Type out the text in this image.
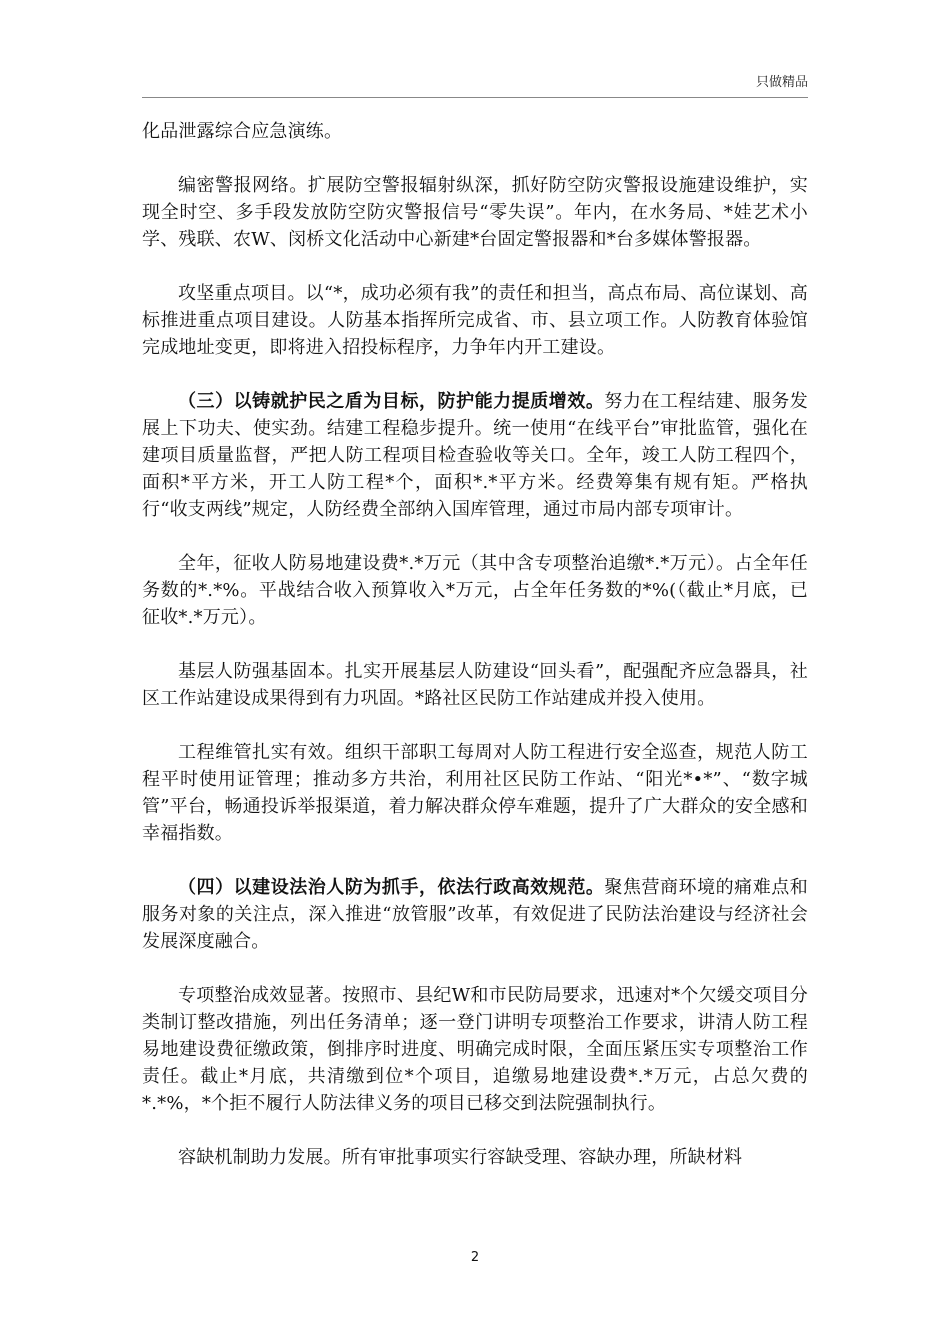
只做精品

化品泄露综合应急演练。

编密警报网络。扩展防空警报辐射纵深，抓好防空防灾警报设施建设维护，实现全时空、多手段发放防空防灾警报信号“零失误”。年内，在水务局、*娃艺术小学、残联、农W、闵桥文化活动中心新建*台固定警报器和*台多媒体警报器。

攻坚重点项目。以“*，成功必须有我”的责任和担当，高点布局、高位谋划、高标推进重点项目建设。人防基本指挥所完成省、市、县立项工作。人防教育体验馆完成地址变更，即将进入招投标程序，力争年内开工建设。

（三）以铸就护民之盾为目标，防护能力提质增效。努力在工程结建、服务发展上下功夫、使实劲。结建工程稳步提升。统一使用“在线平台”审批监管，强化在建项目质量监督，严把人防工程项目检查验收等关口。全年，竣工人防工程四个，面积*平方米，开工人防工程*个，面积*.*平方米。经费筹集有规有矩。严格执行“收支两线”规定，人防经费全部纳入国库管理，通过市局内部专项审计。

全年，征收人防易地建设费*.*万元（其中含专项整治追缴*.*万元）。占全年任务数的*.*%。平战结合收入预算收入*万元，占全年任务数的*%(（截止*月底，已征收*.*万元）。

基层人防强基固本。扎实开展基层人防建设“回头看”，配强配齐应急器具，社区工作站建设成果得到有力巩固。*路社区民防工作站建成并投入使用。

工程维管扎实有效。组织干部职工每周对人防工程进行安全巡查，规范人防工程平时使用证管理；推动多方共治，利用社区民防工作站、“阳光*•*”、“数字城管”平台，畅通投诉举报渠道，着力解决群众停车难题，提升了广大群众的安全感和幸福指数。

（四）以建设法治人防为抓手，依法行政高效规范。聚焦营商环境的痛难点和服务对象的关注点，深入推进“放管服”改革，有效促进了民防法治建设与经济社会发展深度融合。

专项整治成效显著。按照市、县纪W和市民防局要求，迅速对*个欠缓交项目分类制订整改措施，列出任务清单；逐一登门讲明专项整治工作要求，讲清人防工程易地建设费征缴政策，倒排序时进度、明确完成时限，全面压紧压实专项整治工作责任。截止*月底，共清缴到位*个项目，追缴易地建设费*.*万元，占总欠费的*.*%，*个拒不履行人防法律义务的项目已移交到法院强制执行。

容缺机制助力发展。所有审批事项实行容缺受理、容缺办理，所缺材料

2
